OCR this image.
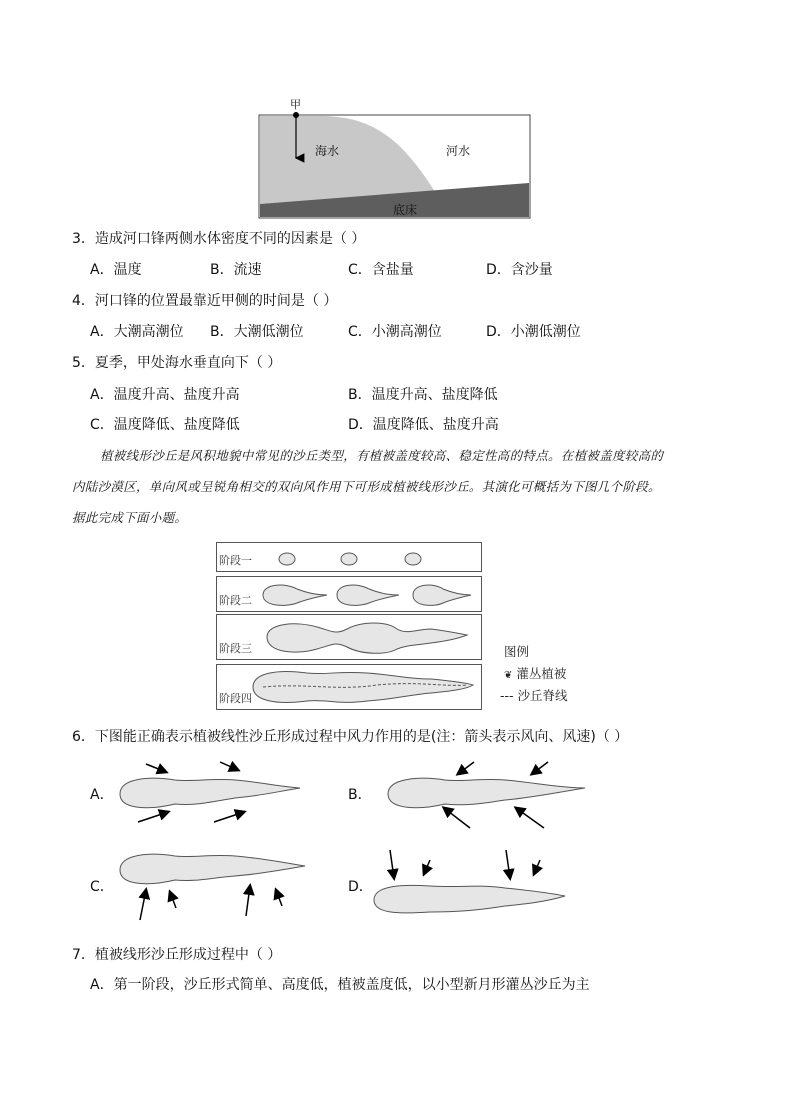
甲
海水	河水
底床
3．造成河口锋两侧水体密度不同的因素是（ ）
A．温度	B．流速	C．含盐量	D．含沙量
4．河口锋的位置最靠近甲侧的时间是（ ）
A．大潮高潮位 B．大潮低潮位	C．小潮高潮位	D．小潮低潮位
5．夏季，甲处海水垂直向下（ ）
A．温度升高、盐度升高	B．温度升高、盐度降低
C．温度降低、盐度降低	D．温度降低、盐度升高
植被线形沙丘是风积地貌中常见的沙丘类型，有植被盖度较高、稳定性高的特点。在植被盖度较高的
内陆沙漠区，单向风或呈锐角相交的双向风作用下可形成植被线形沙丘。其演化可概括为下图几个阶段。
据此完成下面小题。
阶段一
阶段二
阶段三
阶段四
图例
❦ 灌丛植被
--- 沙丘脊线
6．下图能正确表示植被线性沙丘形成过程中风力作用的是(注：箭头表示风向、风速)（ ）
A．	B．
C．	D．
7．植被线形沙丘形成过程中（ ）
A．第一阶段，沙丘形式简单、高度低，植被盖度低，以小型新月形灌丛沙丘为主
